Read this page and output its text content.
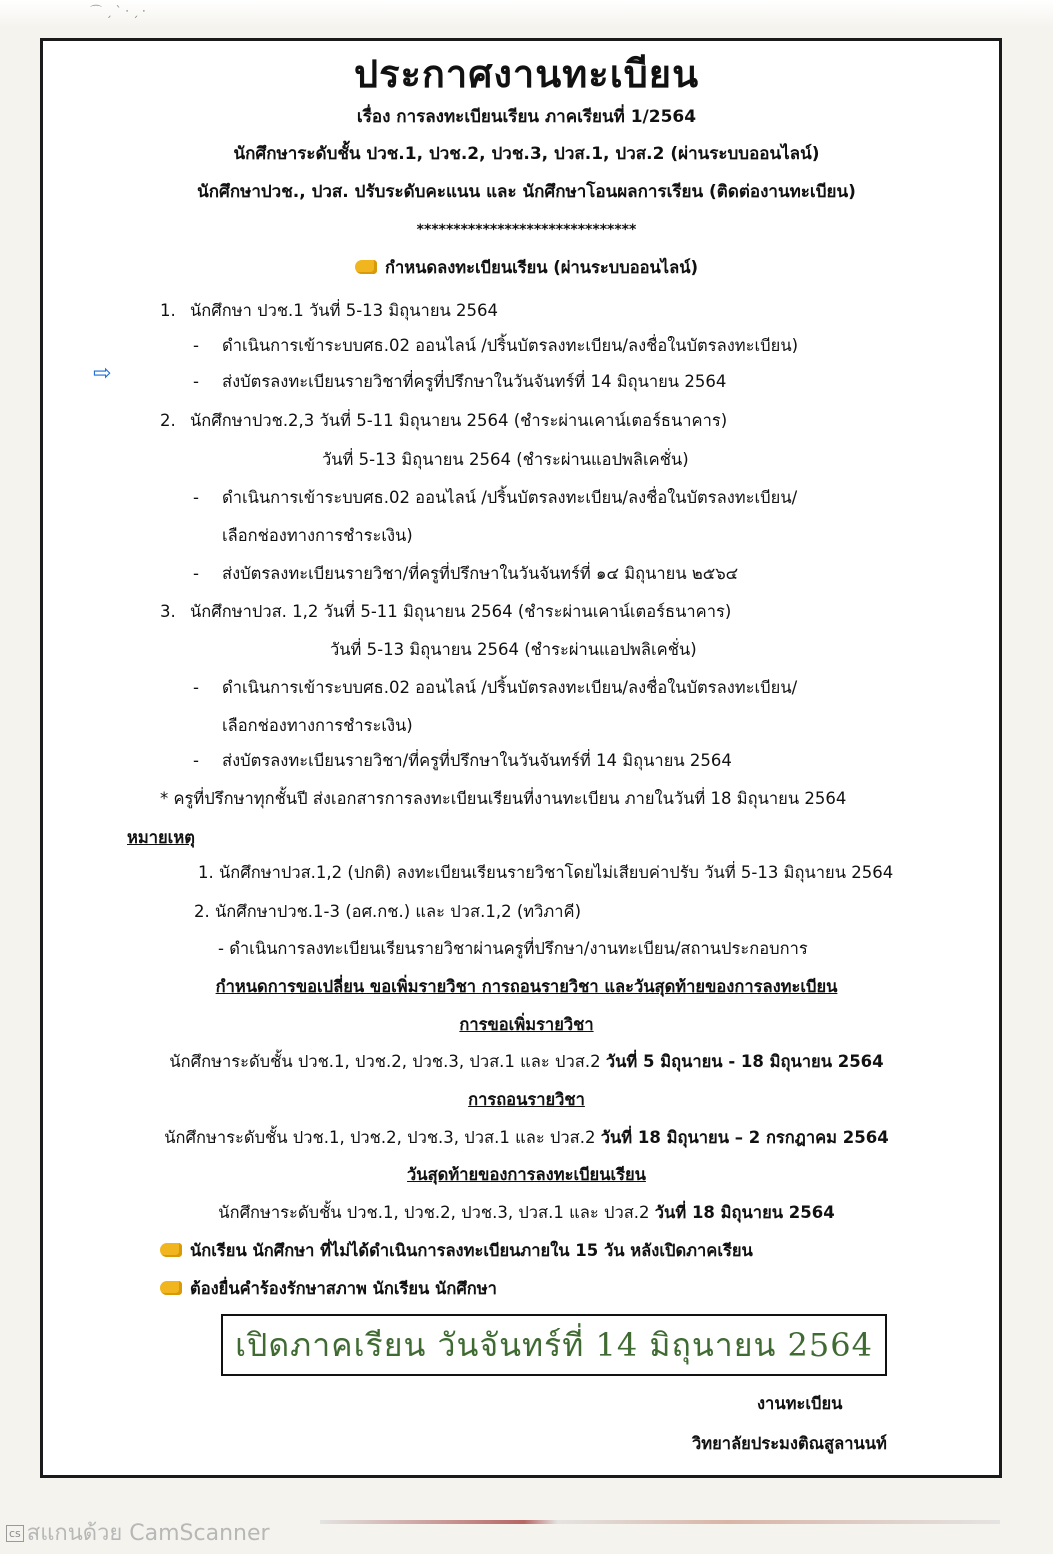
⌒ ˏ ˋ ⸱ ˏ ⸱
ประกาศงานทะเบียน
เรื่อง การลงทะเบียนเรียน ภาคเรียนที่ 1/2564
นักศึกษาระดับชั้น ปวช.1, ปวช.2, ปวช.3, ปวส.1, ปวส.2 (ผ่านระบบออนไลน์)
นักศึกษาปวช., ปวส. ปรับระดับคะแนน และ นักศึกษาโอนผลการเรียน (ติดต่องานทะเบียน)
******************************
กำหนดลงทะเบียนเรียน (ผ่านระบบออนไลน์)
⇨
1. นักศึกษา ปวช.1 วันที่ 5-13 มิถุนายน 2564
- ดำเนินการเข้าระบบศธ.02 ออนไลน์ /ปริ้นบัตรลงทะเบียน/ลงชื่อในบัตรลงทะเบียน)
- ส่งบัตรลงทะเบียนรายวิชาที่ครูที่ปรึกษาในวันจันทร์ที่ 14 มิถุนายน 2564
2. นักศึกษาปวช.2,3 วันที่ 5-11 มิถุนายน 2564 (ชำระผ่านเคาน์เตอร์ธนาคาร)
วันที่ 5-13 มิถุนายน 2564 (ชำระผ่านแอปพลิเคชั่น)
- ดำเนินการเข้าระบบศธ.02 ออนไลน์ /ปริ้นบัตรลงทะเบียน/ลงชื่อในบัตรลงทะเบียน/
เลือกช่องทางการชำระเงิน)
- ส่งบัตรลงทะเบียนรายวิชา/ที่ครูที่ปรึกษาในวันจันทร์ที่ ๑๔ มิถุนายน ๒๕๖๔
3. นักศึกษาปวส. 1,2 วันที่ 5-11 มิถุนายน 2564 (ชำระผ่านเคาน์เตอร์ธนาคาร)
วันที่ 5-13 มิถุนายน 2564 (ชำระผ่านแอปพลิเคชั่น)
- ดำเนินการเข้าระบบศธ.02 ออนไลน์ /ปริ้นบัตรลงทะเบียน/ลงชื่อในบัตรลงทะเบียน/
เลือกช่องทางการชำระเงิน)
- ส่งบัตรลงทะเบียนรายวิชา/ที่ครูที่ปรึกษาในวันจันทร์ที่ 14 มิถุนายน 2564
* ครูที่ปรึกษาทุกชั้นปี ส่งเอกสารการลงทะเบียนเรียนที่งานทะเบียน ภายในวันที่ 18 มิถุนายน 2564
หมายเหตุ
1. นักศึกษาปวส.1,2 (ปกติ) ลงทะเบียนเรียนรายวิชาโดยไม่เสียบค่าปรับ วันที่ 5-13 มิถุนายน 2564
2. นักศึกษาปวช.1-3 (อศ.กช.) และ ปวส.1,2 (ทวิภาคี)
- ดำเนินการลงทะเบียนเรียนรายวิชาผ่านครูที่ปรึกษา/งานทะเบียน/สถานประกอบการ
กำหนดการขอเปลี่ยน ขอเพิ่มรายวิชา การถอนรายวิชา และวันสุดท้ายของการลงทะเบียน
การขอเพิ่มรายวิชา
นักศึกษาระดับชั้น ปวช.1, ปวช.2, ปวช.3, ปวส.1 และ ปวส.2 วันที่ 5 มิถุนายน - 18 มิถุนายน 2564
การถอนรายวิชา
นักศึกษาระดับชั้น ปวช.1, ปวช.2, ปวช.3, ปวส.1 และ ปวส.2 วันที่ 18 มิถุนายน – 2 กรกฎาคม 2564
วันสุดท้ายของการลงทะเบียนเรียน
นักศึกษาระดับชั้น ปวช.1, ปวช.2, ปวช.3, ปวส.1 และ ปวส.2 วันที่ 18 มิถุนายน 2564
นักเรียน นักศึกษา ที่ไม่ได้ดำเนินการลงทะเบียนภายใน 15 วัน หลังเปิดภาคเรียน
ต้องยื่นคำร้องรักษาสภาพ นักเรียน นักศึกษา
เปิดภาคเรียน วันจันทร์ที่ 14 มิถุนายน 2564
งานทะเบียน
วิทยาลัยประมงติณสูลานนท์
cs สแกนด้วย CamScanner
